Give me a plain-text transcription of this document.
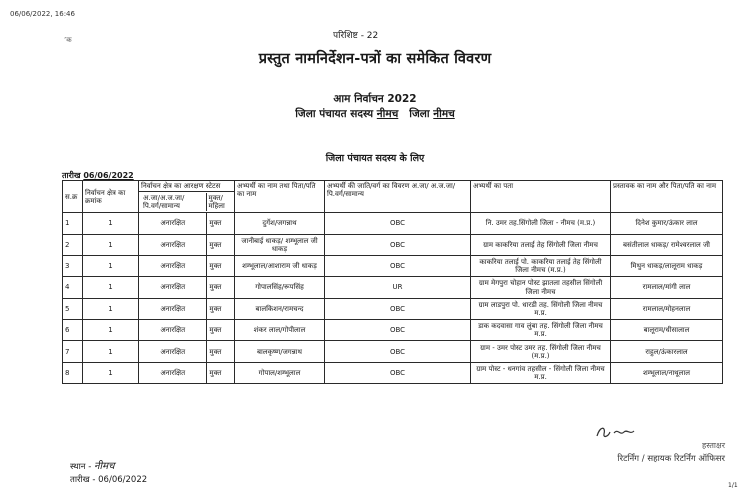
06/06/2022, 16:46
’क	परिशिष्ट - 22
प्रस्तुत नामनिर्देशन-पत्रों का समेकित विवरण
आम निर्वाचन 2022
जिला पंचायत सदस्य नीमच जिला नीमच
जिला पंचायत सदस्य के लिए
तारीख 06/06/2022
स.क्र	निर्वाचन क्षेत्र का क्रमांक	निर्वाचन क्षेत्र का आरक्षण स्टेटस	अभ्यर्थी का नाम तथा पिता/पति का नाम	अभ्यर्थी की जाति/वर्ग का विवरण अ.जा/ अ.ज.जा/पि.वर्ग/सामान्य	अभ्यर्थी का पता	प्रस्तावक का नाम और पिता/पति का नाम

		अ.जा/अ.ज.जा/ पि.वर्ग/सामान्य
मुक्त/ महिला				

1	1	अनारक्षित मुक्त	दुर्गेश/जगन्नाथ	OBC	नि. उमर तह.सिंगोली जिला - नीमच (म.प्र.)	दिनेश कुमार/ऊंकार लाल
2	1	अनारक्षित मुक्त	जानीबाई धाकड़/ शम्भूलाल जी धाकड़	OBC	ग्राम काकरिया तलाई तेह सिंगोली जिला नीमच	बसंतीलाल धाकड़/ रामेश्वरलाल जी
3	1	अनारक्षित मुक्त	शम्भूलाल/आशाराम जी धाकड़	OBC	काकरिया तलाई पो. काकरिया तलाई तेह सिंगोली जिला नीमच (म.प्र.)	मिथुन धाकड़/लालूराम धाकड़
4	1	अनारक्षित मुक्त	गोपालसिंह/रूपसिंह	UR	ग्राम मेगपुरा चोहान पोस्ट झातला तहसील सिंगोली जिला नीमच	रामलाल/मांगी लाल
5	1	अनारक्षित मुक्त	बालकिशन/रामचन्द	OBC	ग्राम लाडपुरा पो. धारडी तह. सिंगोली जिला नीमच म.प्र.	रामलाल/मोहनलाल
6	1	अनारक्षित मुक्त	शंकर लाल/गोपीलाल	OBC	डाक कदवासा गाव लुंबा तह. सिंगोली जिला नीमच म.प्र.	बालूराम/धीसालाल
7	1	अनारक्षित मुक्त	बालकृष्ण/जगन्नाथ	OBC	ग्राम - उमर पोस्ट उमर तह. सिंगोली जिला नीमच (म.प्र.)	राहुल/ऊंकारलाल
8	1	अनारक्षित मुक्त	गोपाल/शम्भूलाल	OBC	ग्राम पोस्ट - धनगांव तहसील - सिंगोली जिला नीमच म.प्र.	शम्भूलाल/नाथूलाल
हस्ताक्षर
रिटर्निंग / सहायक रिटर्निंग ऑफिसर
स्थान - नीमच
तारीख - 06/06/2022
1/1
